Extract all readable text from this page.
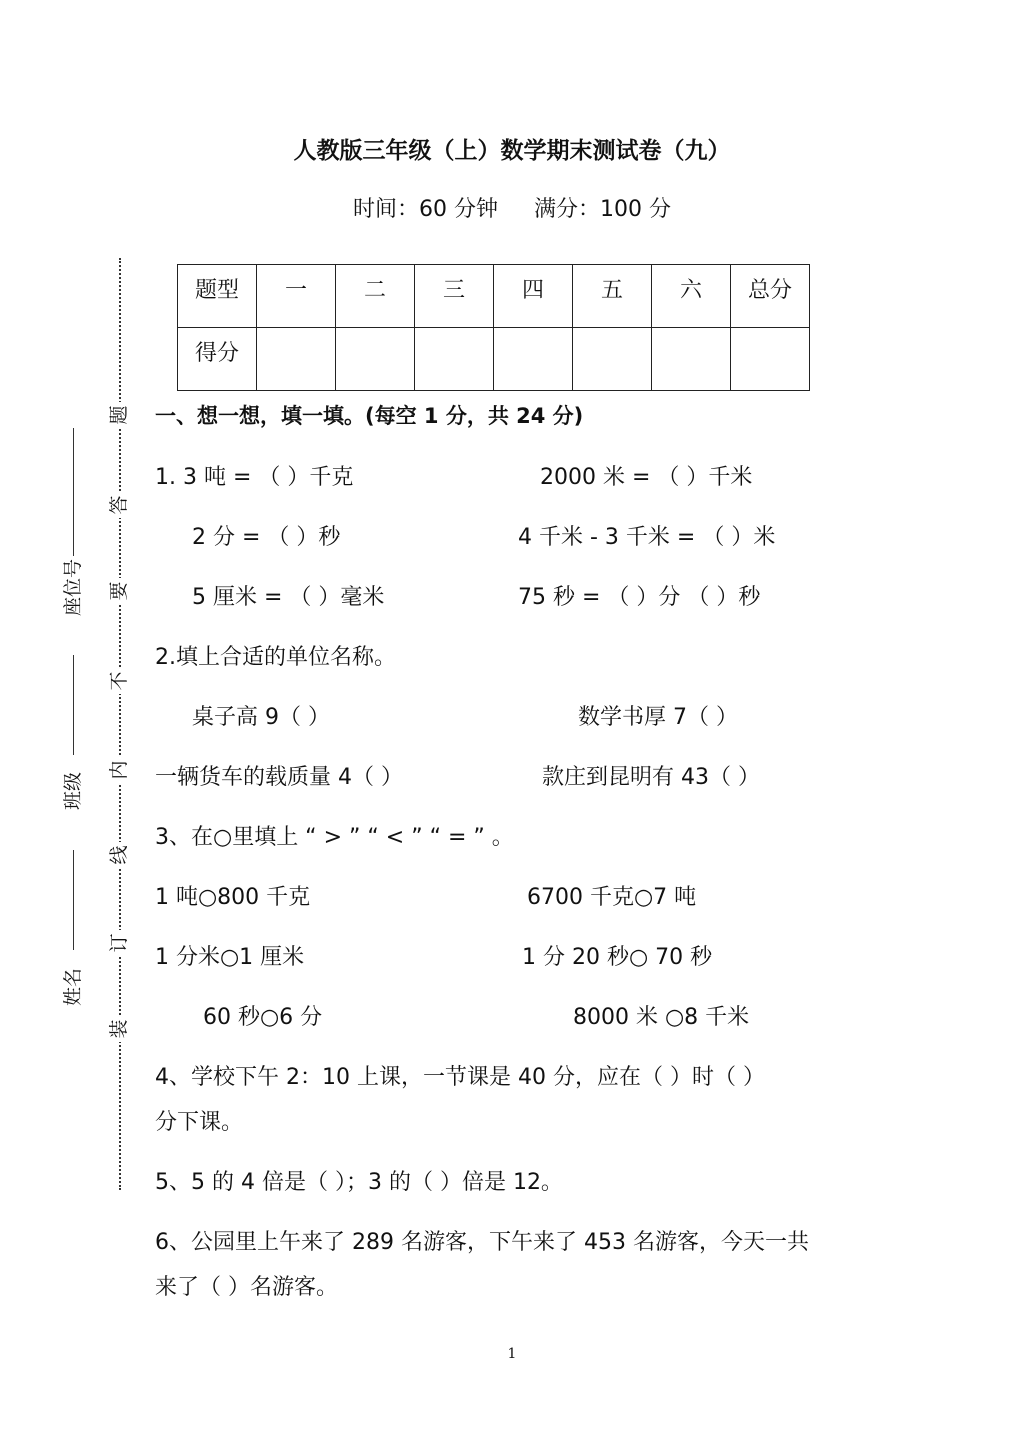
人教版三年级（上）数学期末测试卷（九）
时间：60 分钟 满分：100 分
题型	一	二	三	四	五	六	总分
得分							
题
答
要
不
内
线
订
装
座位号
班级
姓名
一、想一想，填一填。(每空 1 分，共 24 分)
1. 3 吨 = （ ）千克	2000 米 = （ ）千米
2 分 = （ ）秒	4 千米 - 3 千米 = （ ）米
5 厘米 = （ ）毫米	75 秒 = （ ）分 （ ）秒
2.填上合适的单位名称。
桌子高 9（ ）	数学书厚 7（ ）
一辆货车的载质量 4（ ）	款庄到昆明有 43（ ）
3、在○里填上 “ > ” “ < ” “ = ” 。
1 吨○800 千克	6700 千克○7 吨
1 分米○1 厘米	1 分 20 秒○ 70 秒
60 秒○6 分	8000 米 ○8 千米
4、学校下午 2：10 上课，一节课是 40 分，应在（ ）时（ ）
分下课。
5、5 的 4 倍是（ ）；3 的（ ）倍是 12。
6、公园里上午来了 289 名游客，下午来了 453 名游客，今天一共
来了（ ）名游客。
1
